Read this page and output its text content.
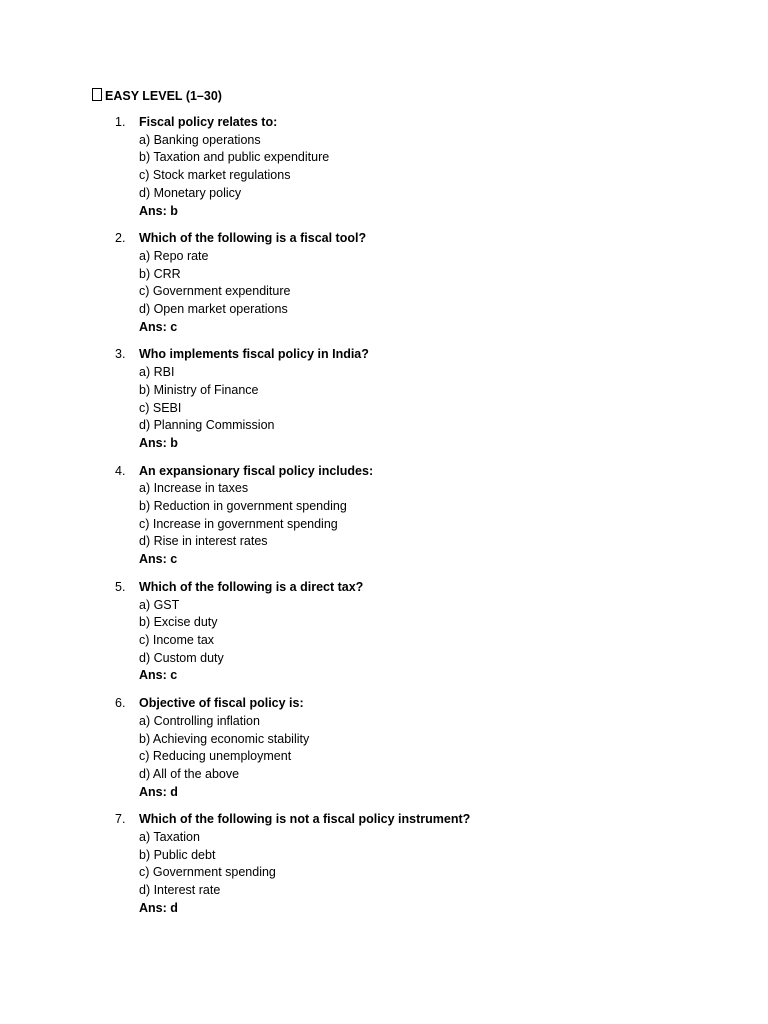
EASY LEVEL (1–30)
1.	Fiscal policy relates to:
a) Banking operations
b) Taxation and public expenditure
c) Stock market regulations
d) Monetary policy
Ans: b
2.	Which of the following is a fiscal tool?
a) Repo rate
b) CRR
c) Government expenditure
d) Open market operations
Ans: c
3.	Who implements fiscal policy in India?
a) RBI
b) Ministry of Finance
c) SEBI
d) Planning Commission
Ans: b
4.	An expansionary fiscal policy includes:
a) Increase in taxes
b) Reduction in government spending
c) Increase in government spending
d) Rise in interest rates
Ans: c
5.	Which of the following is a direct tax?
a) GST
b) Excise duty
c) Income tax
d) Custom duty
Ans: c
6.	Objective of fiscal policy is:
a) Controlling inflation
b) Achieving economic stability
c) Reducing unemployment
d) All of the above
Ans: d
7.	Which of the following is not a fiscal policy instrument?
a) Taxation
b) Public debt
c) Government spending
d) Interest rate
Ans: d
